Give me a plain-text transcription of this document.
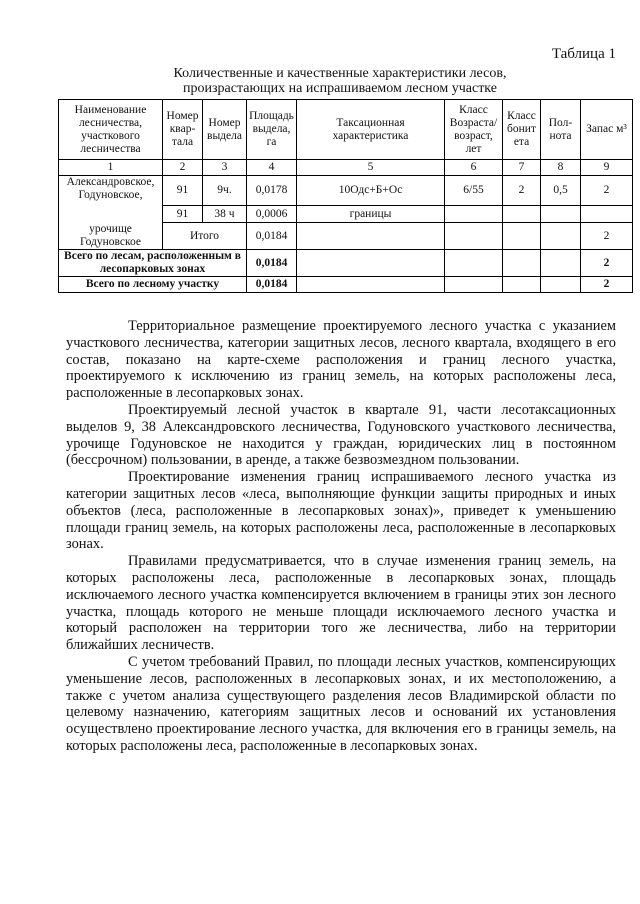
Таблица 1
Количественные и качественные характеристики лесов,
произрастающих на испрашиваемом лесном участке
Наименование лесничества, участкового лесничества	Номер квар-тала	Номер выдела	Площадь выдела, га	Таксационная характеристика	Класс Возраста/ возраст, лет	Класс бонит ета	Пол-нота	Запас м³
1	2	3	4	5	6	7	8	9
Александровское, Годуновское,	91	9ч.	0,0178	10Одс+Б+Ос	6/55	2	0,5	2
	91	38 ч	0,0006	границы				
урочище Годуновское	Итого		0,0184					2
Всего по лесам, расположенным в лесопарковых зонах			0,0184					2
Всего по лесному участку			0,0184					2

Территориальное размещение проектируемого лесного участка с указанием участкового лесничества, категории защитных лесов, лесного квартала, входящего в его состав, показано на карте-схеме расположения и границ лесного участка, проектируемого к исключению из границ земель, на которых расположены леса, расположенные в лесопарковых зонах.

Проектируемый лесной участок в квартале 91, части лесотаксационных выделов 9, 38 Александровского лесничества, Годуновского участкового лесничества, урочище Годуновское не находится у граждан, юридических лиц в постоянном (бессрочном) пользовании, в аренде, а также безвозмездном пользовании.

Проектирование изменения границ испрашиваемого лесного участка из категории защитных лесов «леса, выполняющие функции защиты природных и иных объектов (леса, расположенные в лесопарковых зонах)», приведет к уменьшению площади границ земель, на которых расположены леса, расположенные в лесопарковых зонах.

Правилами предусматривается, что в случае изменения границ земель, на которых расположены леса, расположенные в лесопарковых зонах, площадь исключаемого лесного участка компенсируется включением в границы этих зон лесного участка, площадь которого не меньше площади исключаемого лесного участка и который расположен на территории того же лесничества, либо на территории ближайших лесничеств.

С учетом требований Правил, по площади лесных участков, компенсирующих уменьшение лесов, расположенных в лесопарковых зонах, и их местоположению, а также с учетом анализа существующего разделения лесов Владимирской области по целевому назначению, категориям защитных лесов и оснований их установления осуществлено проектирование лесного участка, для включения его в границы земель, на которых расположены леса, расположенные в лесопарковых зонах.
